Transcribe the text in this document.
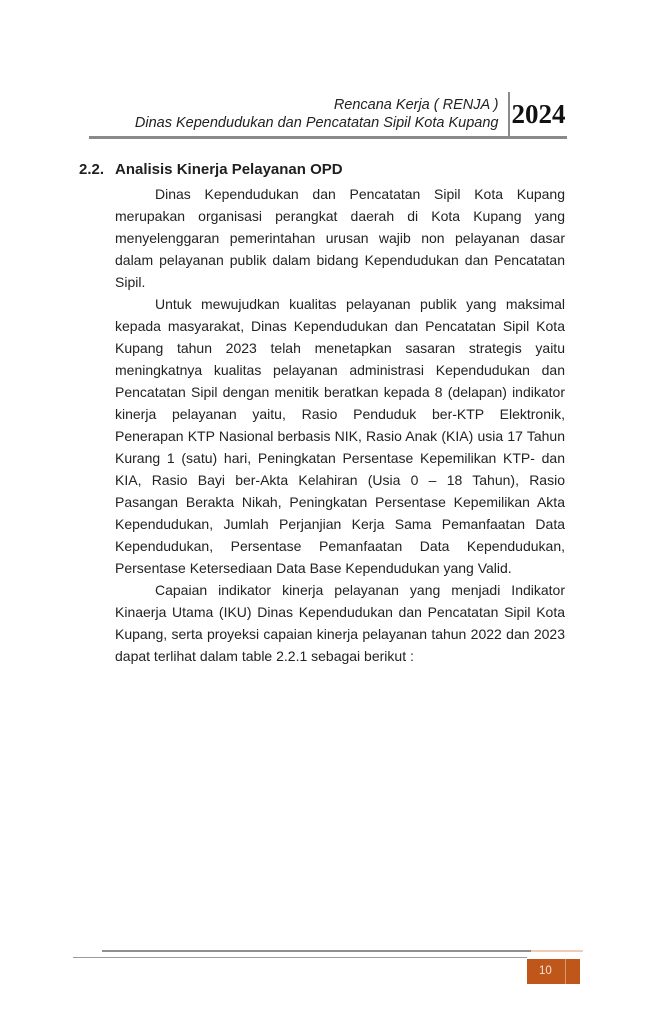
Rencana Kerja ( RENJA )
Dinas Kependudukan dan Pencatatan Sipil Kota Kupang 2024
2.2. Analisis Kinerja Pelayanan OPD

Dinas Kependudukan dan Pencatatan Sipil Kota Kupang merupakan organisasi perangkat daerah di Kota Kupang yang menyelenggaran pemerintahan urusan wajib non pelayanan dasar dalam pelayanan publik dalam bidang Kependudukan dan Pencatatan Sipil.

Untuk mewujudkan kualitas pelayanan publik yang maksimal kepada masyarakat, Dinas Kependudukan dan Pencatatan Sipil Kota Kupang tahun 2023 telah menetapkan sasaran strategis yaitu meningkatnya kualitas pelayanan administrasi Kependudukan dan Pencatatan Sipil dengan menitik beratkan kepada 8 (delapan) indikator kinerja pelayanan yaitu, Rasio Penduduk ber-KTP Elektronik, Penerapan KTP Nasional berbasis NIK, Rasio Anak (KIA) usia 17 Tahun Kurang 1 (satu) hari, Peningkatan Persentase Kepemilikan KTP- dan KIA, Rasio Bayi ber-Akta Kelahiran (Usia 0 – 18 Tahun), Rasio Pasangan Berakta Nikah, Peningkatan Persentase Kepemilikan Akta Kependudukan, Jumlah Perjanjian Kerja Sama Pemanfaatan Data Kependudukan, Persentase Pemanfaatan Data Kependudukan, Persentase Ketersediaan Data Base Kependudukan yang Valid.

Capaian indikator kinerja pelayanan yang menjadi Indikator Kinaerja Utama (IKU) Dinas Kependudukan dan Pencatatan Sipil Kota Kupang, serta proyeksi capaian kinerja pelayanan tahun 2022 dan 2023 dapat terlihat dalam table 2.2.1 sebagai berikut :

10
